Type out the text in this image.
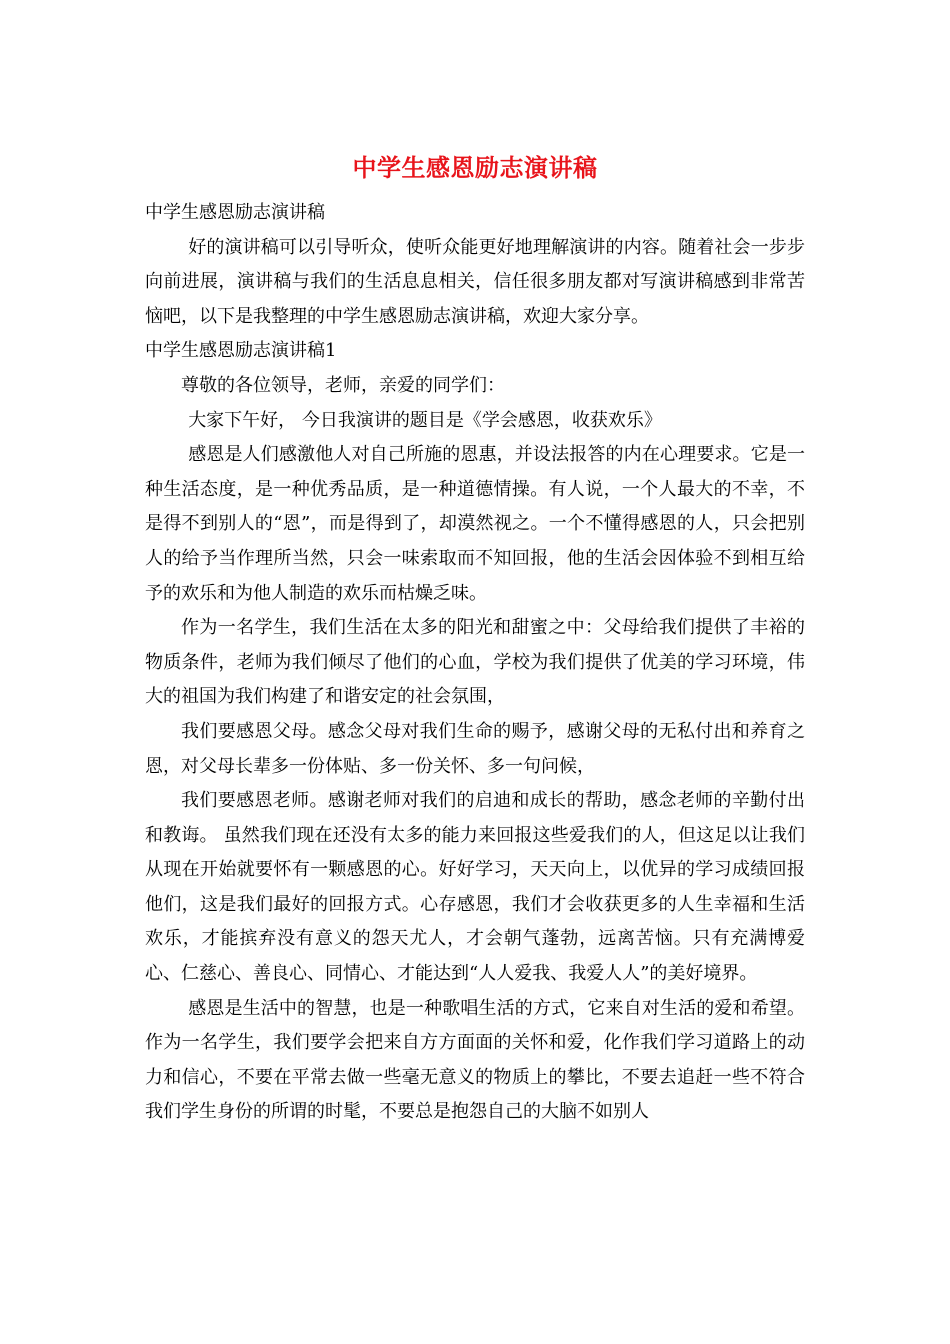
中学生感恩励志演讲稿

中学生感恩励志演讲稿

好的演讲稿可以引导听众，使听众能更好地理解演讲的内容。随着社会一步步向前进展，演讲稿与我们的生活息息相关，信任很多朋友都对写演讲稿感到非常苦恼吧，以下是我整理的中学生感恩励志演讲稿，欢迎大家分享。

中学生感恩励志演讲稿1

尊敬的各位领导，老师，亲爱的同学们：

大家下午好， 今日我演讲的题目是《学会感恩，收获欢乐》

感恩是人们感激他人对自己所施的恩惠，并设法报答的内在心理要求。它是一种生活态度，是一种优秀品质，是一种道德情操。有人说，一个人最大的不幸，不是得不到别人的“恩”，而是得到了，却漠然视之。一个不懂得感恩的人，只会把别人的给予当作理所当然，只会一味索取而不知回报，他的生活会因体验不到相互给予的欢乐和为他人制造的欢乐而枯燥乏味。

作为一名学生，我们生活在太多的阳光和甜蜜之中：父母给我们提供了丰裕的物质条件，老师为我们倾尽了他们的心血，学校为我们提供了优美的学习环境，伟大的祖国为我们构建了和谐安定的社会氛围，

我们要感恩父母。感念父母对我们生命的赐予，感谢父母的无私付出和养育之恩，对父母长辈多一份体贴、多一份关怀、多一句问候，

我们要感恩老师。感谢老师对我们的启迪和成长的帮助，感念老师的辛勤付出和教诲。 虽然我们现在还没有太多的能力来回报这些爱我们的人，但这足以让我们从现在开始就要怀有一颗感恩的心。好好学习，天天向上，以优异的学习成绩回报他们，这是我们最好的回报方式。心存感恩，我们才会收获更多的人生幸福和生活欢乐，才能摈弃没有意义的怨天尤人，才会朝气蓬勃，远离苦恼。只有充满博爱心、仁慈心、善良心、同情心、才能达到“人人爱我、我爱人人”的美好境界。

感恩是生活中的智慧，也是一种歌唱生活的方式，它来自对生活的爱和希望。作为一名学生，我们要学会把来自方方面面的关怀和爱，化作我们学习道路上的动力和信心，不要在平常去做一些毫无意义的物质上的攀比，不要去追赶一些不符合我们学生身份的所谓的时髦，不要总是抱怨自己的大脑不如别人
